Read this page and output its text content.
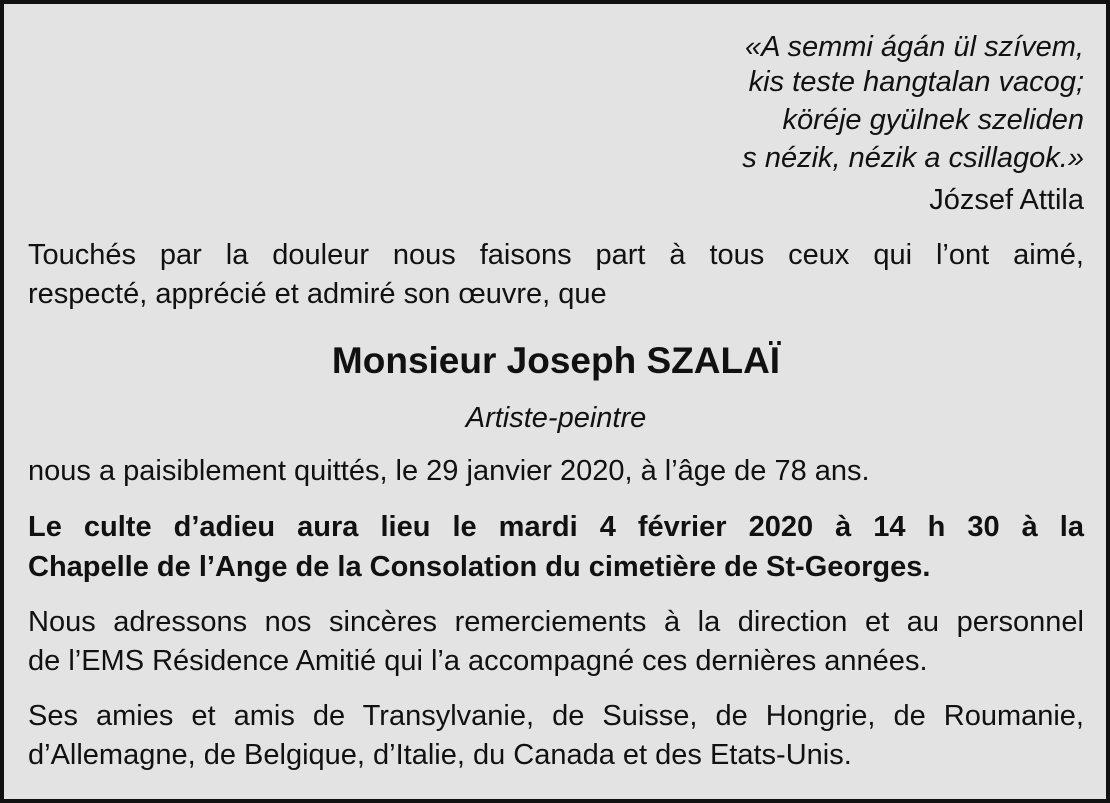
«A semmi ágán ül szívem,
kis teste hangtalan vacog;
köréje gyülnek szeliden
s nézik, nézik a csillagok.»
József Attila
Touchés par la douleur nous faisons part à tous ceux qui l’ont aimé,
respecté, apprécié et admiré son œuvre, que
Monsieur Joseph SZALAÏ
Artiste-peintre
nous a paisiblement quittés, le 29 janvier 2020, à l’âge de 78 ans.
Le culte d’adieu aura lieu le mardi 4 février 2020 à 14 h 30 à la
Chapelle de l’Ange de la Consolation du cimetière de St-Georges.
Nous adressons nos sincères remerciements à la direction et au personnel
de l’EMS Résidence Amitié qui l’a accompagné ces dernières années.
Ses amies et amis de Transylvanie, de Suisse, de Hongrie, de Roumanie,
d’Allemagne, de Belgique, d’Italie, du Canada et des Etats-Unis.
